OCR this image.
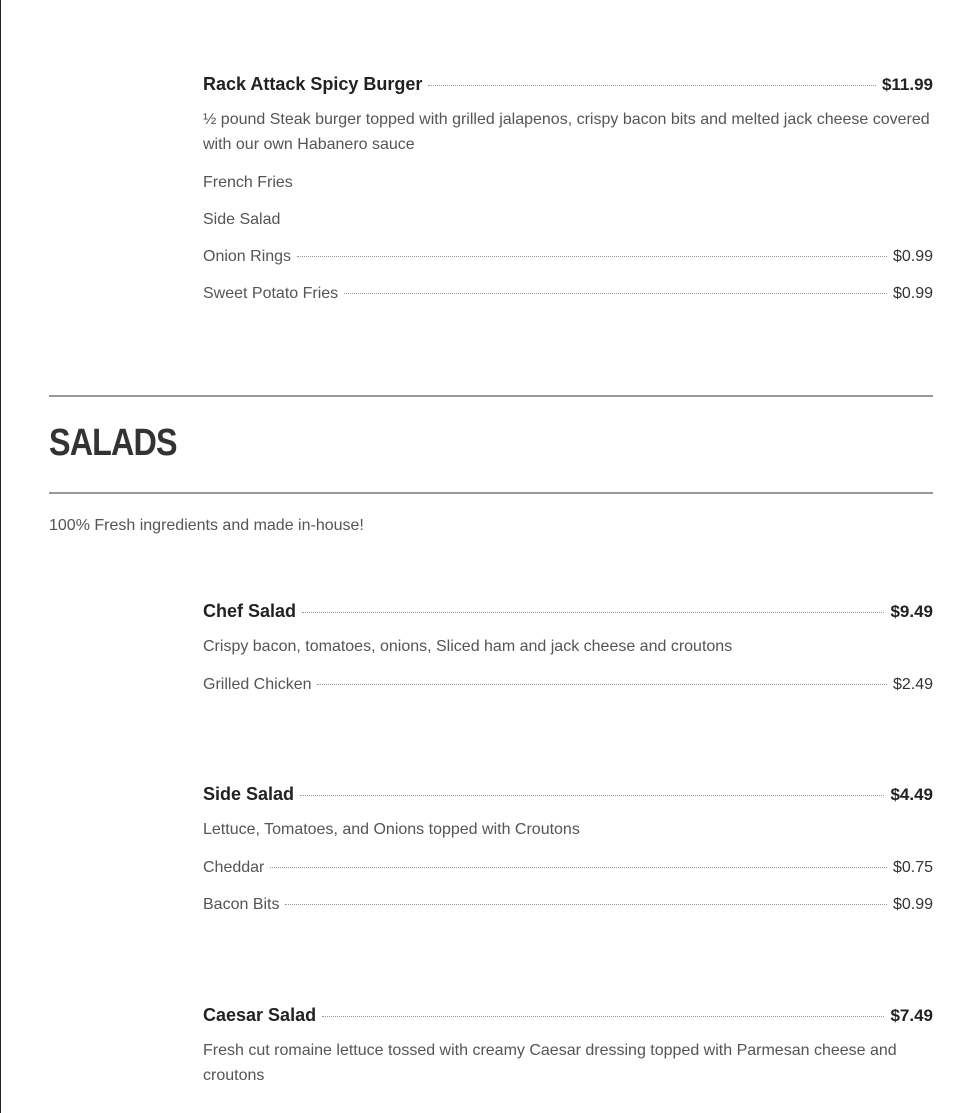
Rack Attack Spicy Burger	$11.99
½ pound Steak burger topped with grilled jalapenos, crispy bacon bits and melted jack cheese covered with our own Habanero sauce
French Fries
Side Salad
Onion Rings	$0.99
Sweet Potato Fries	$0.99
SALADS
100% Fresh ingredients and made in-house!
Chef Salad	$9.49
Crispy bacon, tomatoes, onions, Sliced ham and jack cheese and croutons
Grilled Chicken	$2.49
Side Salad	$4.49
Lettuce, Tomatoes, and Onions topped with Croutons
Cheddar	$0.75
Bacon Bits	$0.99
Caesar Salad	$7.49
Fresh cut romaine lettuce tossed with creamy Caesar dressing topped with Parmesan cheese and croutons
